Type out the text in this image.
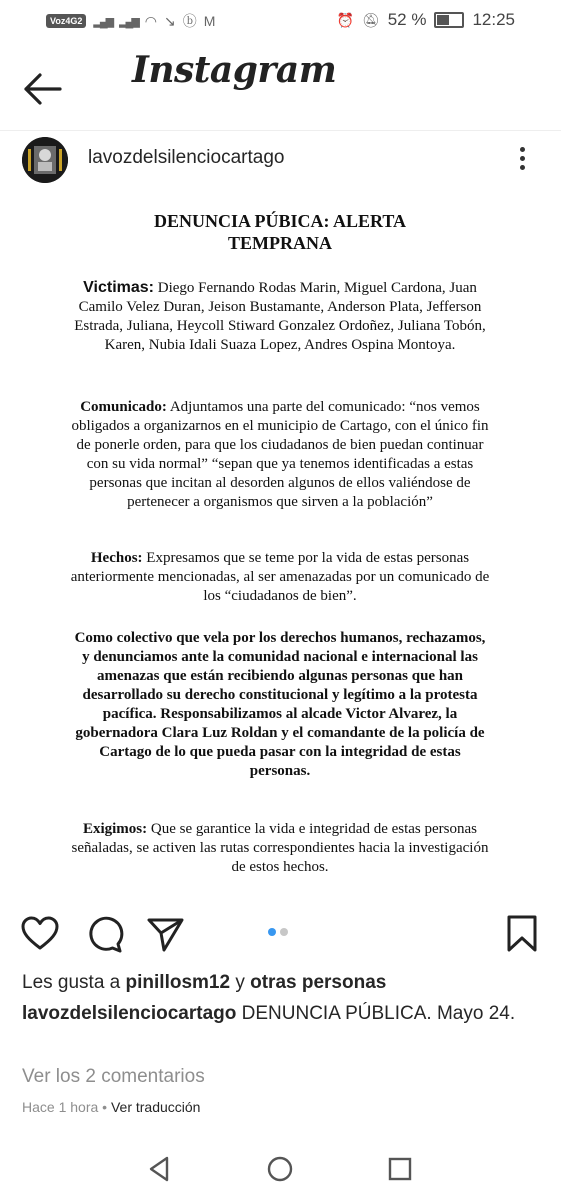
Voz4G2	▂▄▆ ▂▄▆ ◠ ↘ ⓑ M	⏰ 🔕︎ 52 %	12:25
Instagram
lavozdelsilenciocartago
DENUNCIA PÚBICA: ALERTA TEMPRANA
Victimas: Diego Fernando Rodas Marin, Miguel Cardona, Juan Camilo Velez Duran, Jeison Bustamante, Anderson Plata, Jefferson Estrada, Juliana, Heycoll Stiward Gonzalez Ordoñez, Juliana Tobón, Karen, Nubia Idali Suaza Lopez, Andres Ospina Montoya.
Comunicado: Adjuntamos una parte del comunicado: “nos vemos obligados a organizarnos en el municipio de Cartago, con el único fin de ponerle orden, para que los ciudadanos de bien puedan continuar con su vida normal” “sepan que ya tenemos identificadas a estas personas que incitan al desorden algunos de ellos valiéndose de pertenecer a organismos que sirven a la población”
Hechos: Expresamos que se teme por la vida de estas personas anteriormente mencionadas, al ser amenazadas por un comunicado de los “ciudadanos de bien”.
Como colectivo que vela por los derechos humanos, rechazamos, y denunciamos ante la comunidad nacional e internacional las amenazas que están recibiendo algunas personas que han desarrollado su derecho constitucional y legítimo a la protesta pacífica. Responsabilizamos al alcade Victor Alvarez, la gobernadora Clara Luz Roldan y el comandante de la policía de Cartago de lo que pueda pasar con la integridad de estas personas.
Exigimos: Que se garantice la vida e integridad de estas personas señaladas, se activen las rutas correspondientes hacia la investigación de estos hechos.
Les gusta a pinillosm12 y otras personas
lavozdelsilenciocartago DENUNCIA PÚBLICA. Mayo 24.
Ver los 2 comentarios
Hace 1 hora • Ver traducción
